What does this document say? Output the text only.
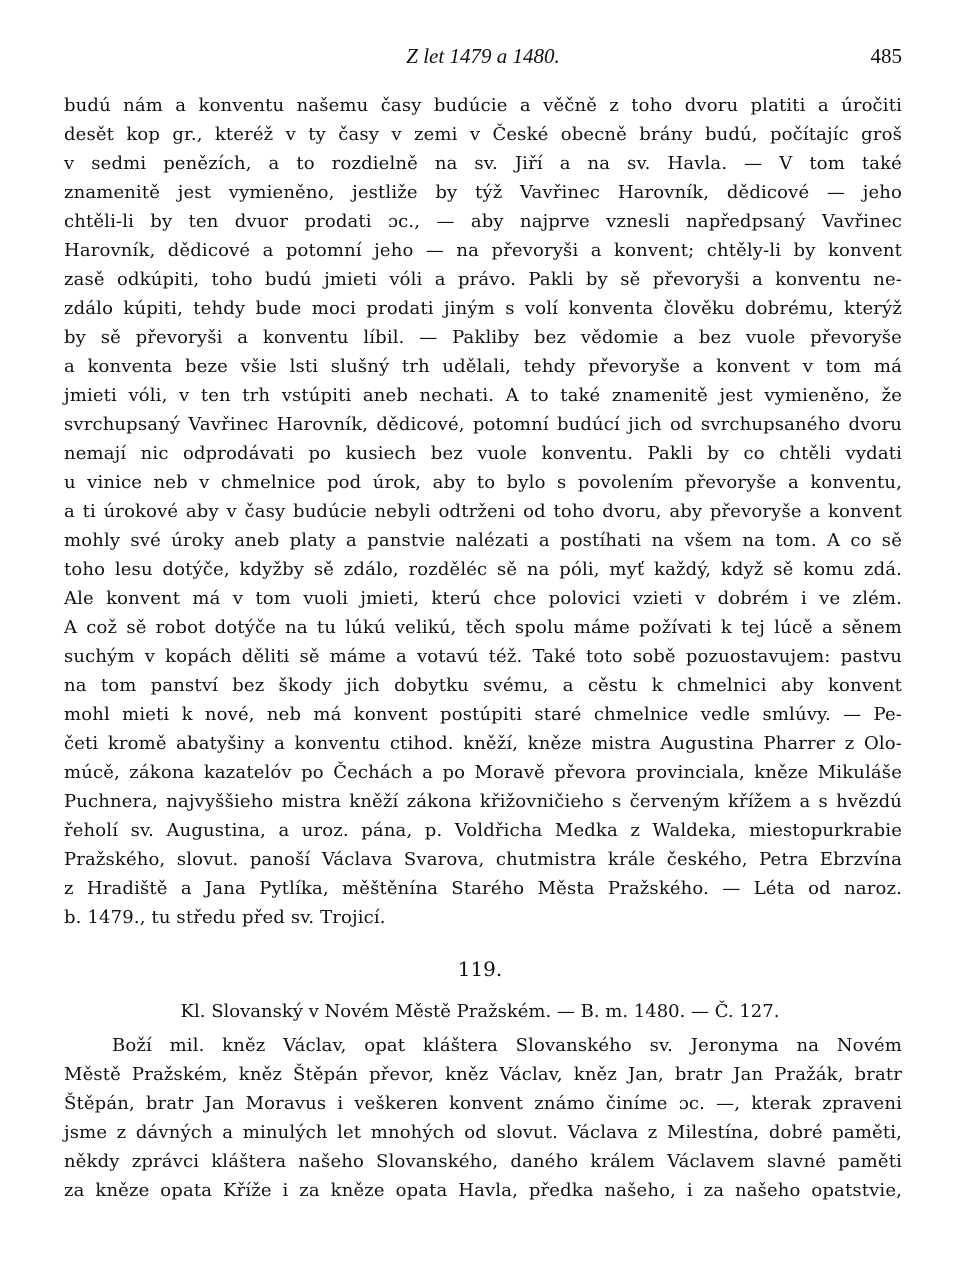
Z let 1479 a 1480.	485
budú nám a konventu našemu časy budúcie a věčně z toho dvoru platiti a úročiti
desět kop gr., kteréž v ty časy v zemi v České obecně brány budú, počítajíc groš
v sedmi penězích, a to rozdielně na sv. Jiří a na sv. Havla. — V tom také
znamenitě jest vymieněno, jestliže by týž Vavřinec Harovník, dědicové — jeho
chtěli-li by ten dvuor prodati ɔc., — aby najprve vznesli napředpsaný Vavřinec
Harovník, dědicové a potomní jeho — na převoryši a konvent; chtěly-li by konvent
zasě odkúpiti, toho budú jmieti vóli a právo. Pakli by sě převoryši a konventu ne-
zdálo kúpiti, tehdy bude moci prodati jiným s volí konventa člověku dobrému, kterýž
by sě převoryši a konventu líbil. — Pakliby bez vědomie a bez vuole převoryše
a konventa beze všie lsti slušný trh udělali, tehdy převoryše a konvent v tom má
jmieti vóli, v ten trh vstúpiti aneb nechati. A to také znamenitě jest vymieněno, že
svrchupsaný Vavřinec Harovník, dědicové, potomní budúcí jich od svrchupsaného dvoru
nemají nic odprodávati po kusiech bez vuole konventu. Pakli by co chtěli vydati
u vinice neb v chmelnice pod úrok, aby to bylo s povolením převoryše a konventu,
a ti úrokové aby v časy budúcie nebyli odtrženi od toho dvoru, aby převoryše a konvent
mohly své úroky aneb platy a panstvie nalézati a postíhati na všem na tom. A co sě
toho lesu dotýče, kdyžby sě zdálo, rozděléc sě na póli, myť každý, když sě komu zdá.
Ale konvent má v tom vuoli jmieti, kterú chce polovici vzieti v dobrém i ve zlém.
A což sě robot dotýče na tu lúkú velikú, těch spolu máme požívati k tej lúcě a sěnem
suchým v kopách děliti sě máme a votavú též. Také toto sobě pozuostavujem: pastvu
na tom panství bez škody jich dobytku svému, a cěstu k chmelnici aby konvent
mohl mieti k nové, neb má konvent postúpiti staré chmelnice vedle smlúvy. — Pe-
četi kromě abatyšiny a konventu ctihod. kněží, kněze mistra Augustina Pharrer z Olo-
múcě, zákona kazatelóv po Čechách a po Moravě převora provinciala, kněze Mikuláše
Puchnera, najvyššieho mistra kněží zákona křižovničieho s červeným křížem a s hvězdú
řeholí sv. Augustina, a uroz. pána, p. Voldřicha Medka z Waldeka, miestopurkrabie
Pražského, slovut. panoší Václava Svarova, chutmistra krále českého, Petra Ebrzvína
z Hradiště a Jana Pytlíka, měštěnína Starého Města Pražského. — Léta od naroz.
b. 1479., tu středu před sv. Trojicí.
119.
Kl. Slovanský v Novém Městě Pražském. — B. m. 1480. — Č. 127.
Boží mil. kněz Václav, opat kláštera Slovanského sv. Jeronyma na Novém
Městě Pražském, kněz Štěpán převor, kněz Václav, kněz Jan, bratr Jan Pražák, bratr
Štěpán, bratr Jan Moravus i veškeren konvent známo činíme ɔc. —, kterak zpraveni
jsme z dávných a minulých let mnohých od slovut. Václava z Milestína, dobré paměti,
někdy zprávci kláštera našeho Slovanského, daného králem Václavem slavné paměti
za kněze opata Kříže i za kněze opata Havla, předka našeho, i za našeho opatstvie,
